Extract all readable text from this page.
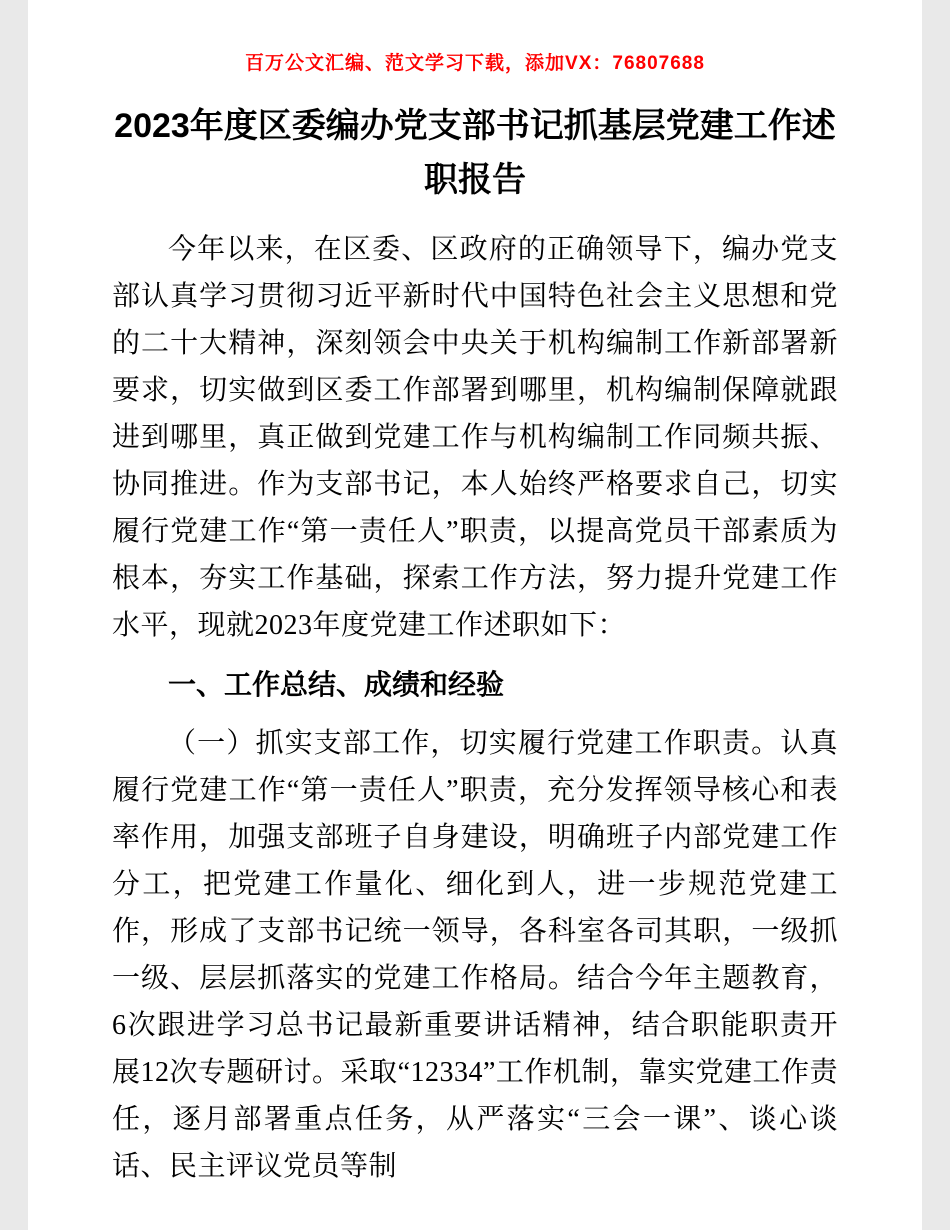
百万公文汇编、范文学习下载，添加VX：76807688

2023年度区委编办党支部书记抓基层党建工作述职报告

今年以来，在区委、区政府的正确领导下，编办党支部认真学习贯彻习近平新时代中国特色社会主义思想和党的二十大精神，深刻领会中央关于机构编制工作新部署新要求，切实做到区委工作部署到哪里，机构编制保障就跟进到哪里，真正做到党建工作与机构编制工作同频共振、协同推进。作为支部书记，本人始终严格要求自己，切实履行党建工作“第一责任人”职责，以提高党员干部素质为根本，夯实工作基础，探索工作方法，努力提升党建工作水平，现就2023年度党建工作述职如下：

一、工作总结、成绩和经验

（一）抓实支部工作，切实履行党建工作职责。认真履行党建工作“第一责任人”职责，充分发挥领导核心和表率作用，加强支部班子自身建设，明确班子内部党建工作分工，把党建工作量化、细化到人，进一步规范党建工作，形成了支部书记统一领导，各科室各司其职，一级抓一级、层层抓落实的党建工作格局。结合今年主题教育，6次跟进学习总书记最新重要讲话精神，结合职能职责开展12次专题研讨。采取“12334”工作机制，靠实党建工作责任，逐月部署重点任务，从严落实“三会一课”、谈心谈话、民主评议党员等制
